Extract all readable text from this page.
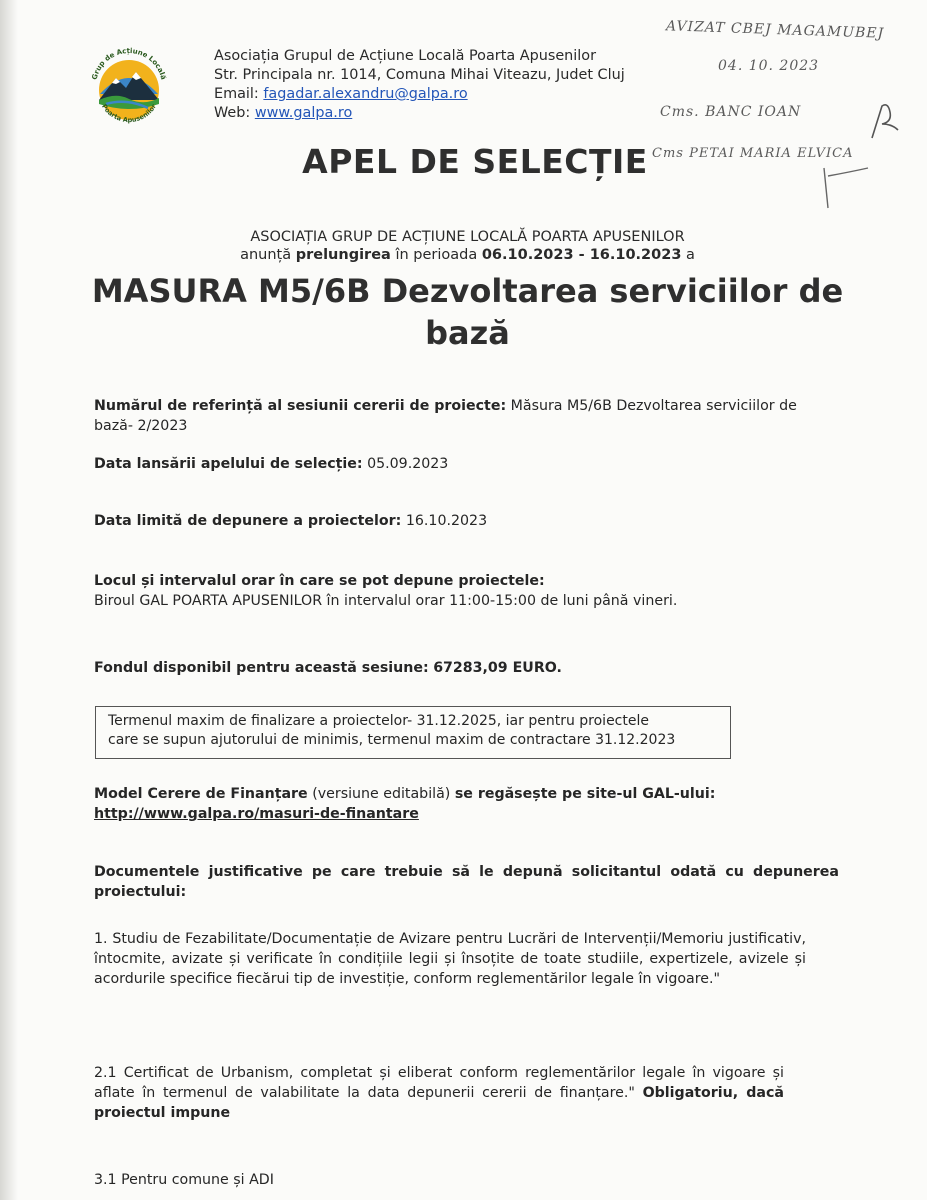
Grup de Acțiune Locală
Poarta Apusenilor
Asociația Grupul de Acțiune Locală Poarta Apusenilor
Str. Principala nr. 1014, Comuna Mihai Viteazu, Judet Cluj
Email: fagadar.alexandru@galpa.ro
Web: www.galpa.ro
AVIZAT CBEJ MAGAMUBEJ
04. 10. 2023
Cms. BANC IOAN
Cms PETAI MARIA ELVICA
APEL DE SELECȚIE
ASOCIAȚIA GRUP DE ACȚIUNE LOCALĂ POARTA APUSENILOR
anunță prelungirea în perioada 06.10.2023 - 16.10.2023 a
MASURA M5/6B Dezvoltarea serviciilor de
bază
Numărul de referință al sesiunii cererii de proiecte: Măsura M5/6B Dezvoltarea serviciilor de bază- 2/2023
Data lansării apelului de selecție: 05.09.2023
Data limită de depunere a proiectelor: 16.10.2023
Locul și intervalul orar în care se pot depune proiectele:
Biroul GAL POARTA APUSENILOR în intervalul orar 11:00-15:00 de luni până vineri.
Fondul disponibil pentru această sesiune: 67283,09 EURO.
Termenul maxim de finalizare a proiectelor- 31.12.2025, iar pentru proiectele
care se supun ajutorului de minimis, termenul maxim de contractare 31.12.2023
Model Cerere de Finanțare (versiune editabilă) se regăsește pe site-ul GAL-ului:
http://www.galpa.ro/masuri-de-finantare
Documentele justificative pe care trebuie să le depună solicitantul odată cu depunerea proiectului:
1. Studiu de Fezabilitate/Documentație de Avizare pentru Lucrări de Intervenții/Memoriu justificativ, întocmite, avizate și verificate în condițiile legii și însoțite de toate studiile, expertizele, avizele și acordurile specifice fiecărui tip de investiție, conform reglementărilor legale în vigoare."
2.1 Certificat de Urbanism, completat și eliberat conform reglementărilor legale în vigoare și aflate în termenul de valabilitate la data depunerii cererii de finanțare." Obligatoriu, dacă proiectul impune
3.1 Pentru comune și ADI
